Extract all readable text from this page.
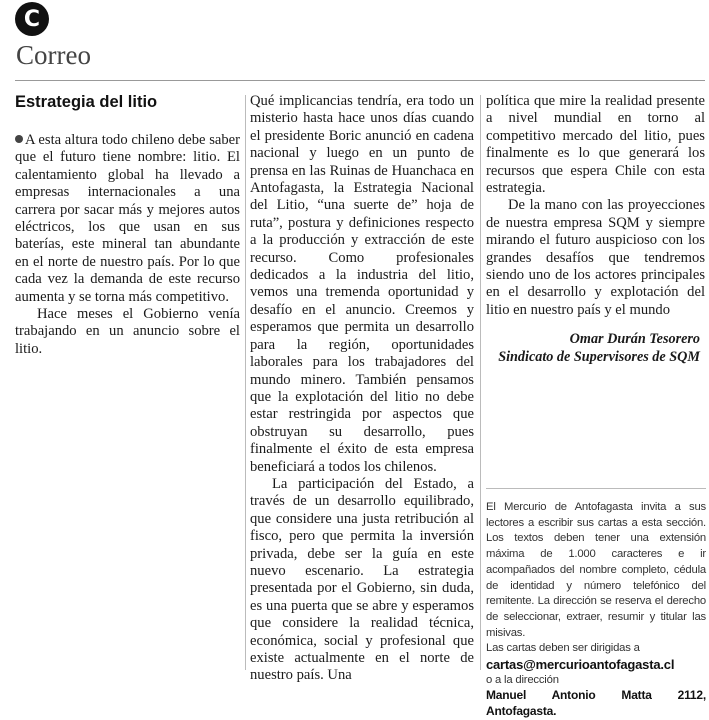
C
Correo
Estrategia del litio

A esta altura todo chileno debe saber que el futuro tiene nombre: litio. El calentamiento global ha llevado a empresas internacionales a una carrera por sacar más y mejores autos eléctricos, los que usan en sus baterías, este mineral tan abundante en el norte de nuestro país. Por lo que cada vez la demanda de este recurso aumenta y se torna más competitivo.

Hace meses el Gobierno venía trabajando en un anuncio sobre el litio.

Qué implicancias tendría, era todo un misterio hasta hace unos días cuando el presidente Boric anunció en cadena nacional y luego en un punto de prensa en las Ruinas de Huanchaca en Antofagasta, la Estrategia Nacional del Litio, “una suerte de” hoja de ruta”, postura y definiciones respecto a la producción y extracción de este recurso. Como profesionales dedicados a la industria del litio, vemos una tremenda oportunidad y desafío en el anuncio. Creemos y esperamos que permita un desarrollo para la región, oportunidades laborales para los trabajadores del mundo minero. También pensamos que la explotación del litio no debe estar restringida por aspectos que obstruyan su desarrollo, pues finalmente el éxito de esta empresa beneficiará a todos los chilenos.

La participación del Estado, a través de un desarrollo equilibrado, que considere una justa retribución al fisco, pero que permita la inversión privada, debe ser la guía en este nuevo escenario. La estrategia presentada por el Gobierno, sin duda, es una puerta que se abre y esperamos que considere la realidad técnica, económica, social y profesional que existe actualmente en el norte de nuestro país. Una

política que mire la realidad presente a nivel mundial en torno al competitivo mercado del litio, pues finalmente es lo que generará los recursos que espera Chile con esta estrategia.

De la mano con las proyecciones de nuestra empresa SQM y siempre mirando el futuro auspicioso con los grandes desafíos que tendremos siendo uno de los actores principales en el desarrollo y explotación del litio en nuestro país y el mundo

Omar Durán Tesorero
Sindicato de Supervisores de SQM

El Mercurio de Antofagasta invita a sus lectores a escribir sus cartas a esta sección. Los textos deben tener una extensión máxima de 1.000 caracteres e ir acompañados del nombre completo, cédula de identidad y número telefónico del remitente. La dirección se reserva el derecho de seleccionar, extraer, resumir y titular las misivas.

Las cartas deben ser dirigidas a

cartas@mercurioantofagasta.cl

o a la dirección

Manuel Antonio Matta 2112, Antofagasta.
